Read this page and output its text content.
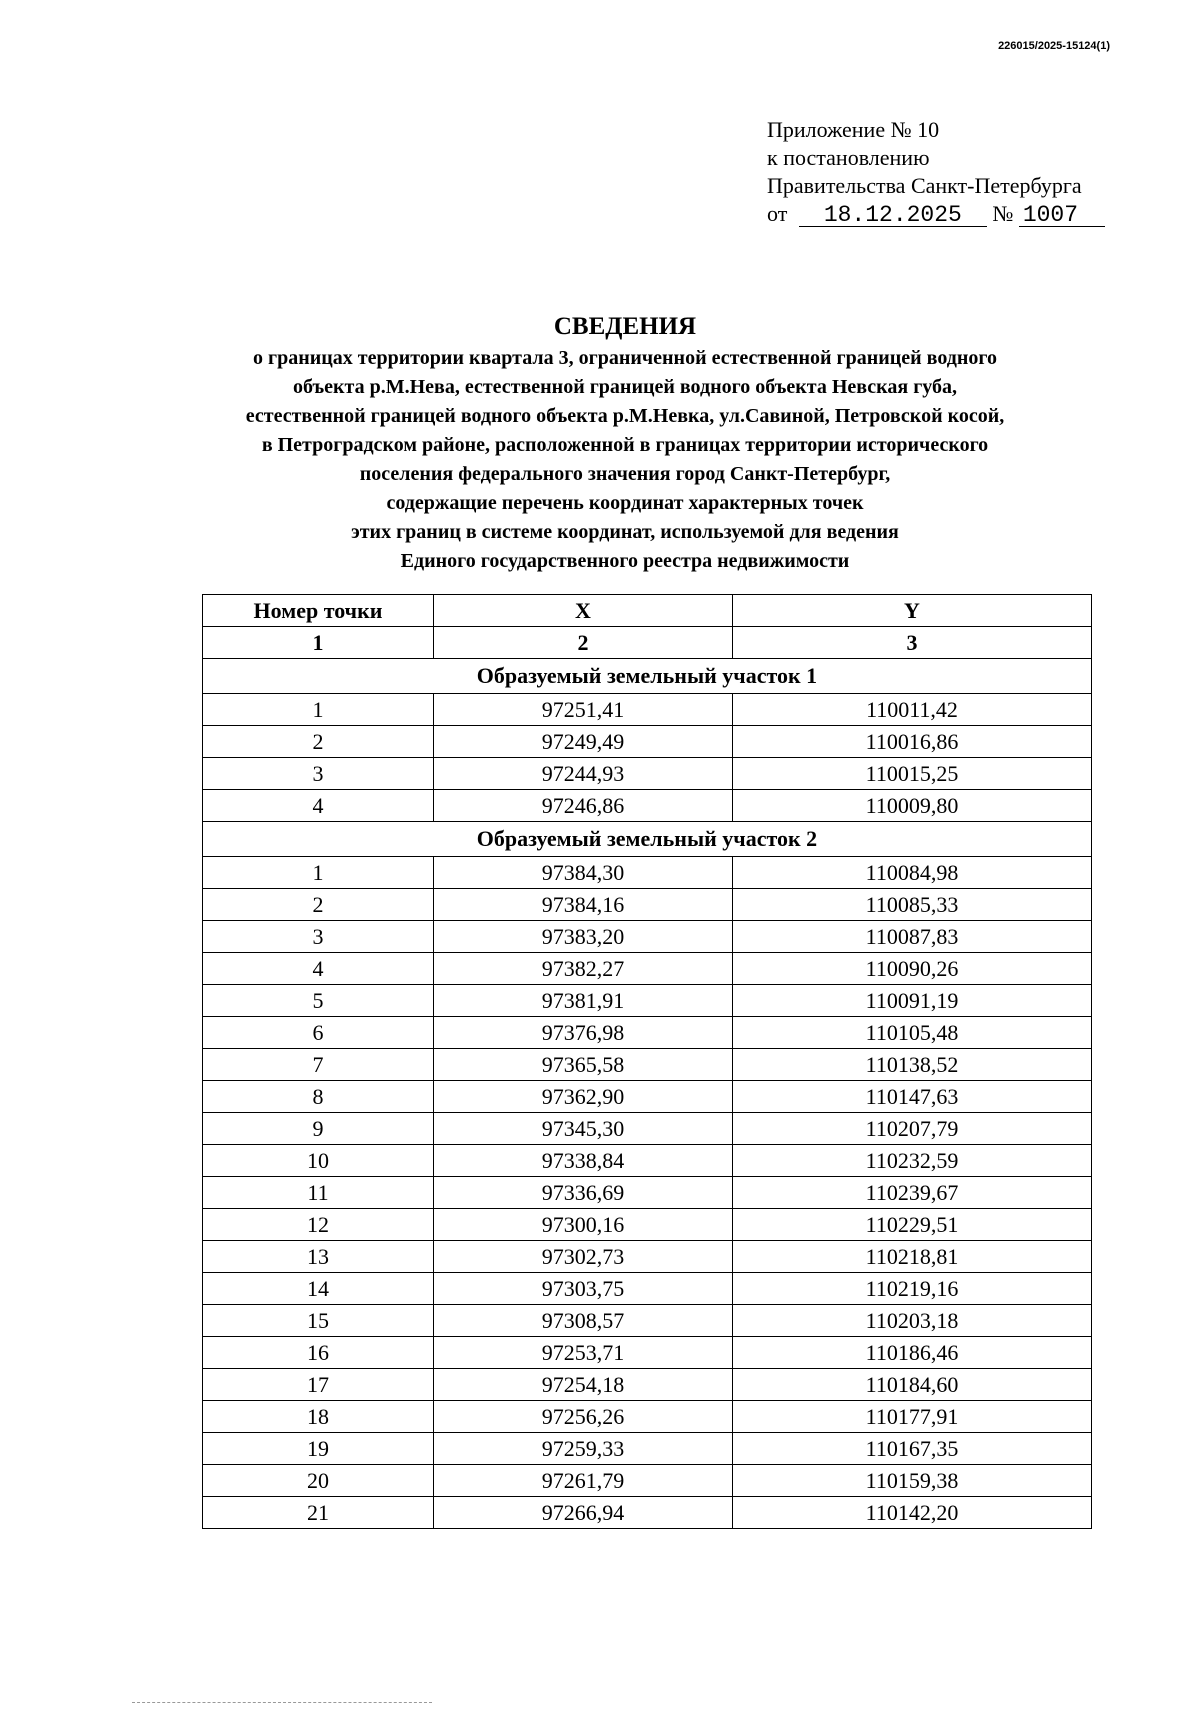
226015/2025-15124(1)
Приложение № 10
к постановлению
Правительства Санкт-Петербурга
от 18.12.2025 № 1007
СВЕДЕНИЯ
о границах территории квартала 3, ограниченной естественной границей водного
объекта р.М.Нева, естественной границей водного объекта Невская губа,
естественной границей водного объекта р.М.Невка, ул.Савиной, Петровской косой,
в Петроградском районе, расположенной в границах территории исторического
поселения федерального значения город Санкт-Петербург,
содержащие перечень координат характерных точек
этих границ в системе координат, используемой для ведения
Единого государственного реестра недвижимости
Номер точки	X	Y
1	2	3
Образуемый земельный участок 1		
1	97251,41	110011,42
2	97249,49	110016,86
3	97244,93	110015,25
4	97246,86	110009,80
Образуемый земельный участок 2		
1	97384,30	110084,98
2	97384,16	110085,33
3	97383,20	110087,83
4	97382,27	110090,26
5	97381,91	110091,19
6	97376,98	110105,48
7	97365,58	110138,52
8	97362,90	110147,63
9	97345,30	110207,79
10	97338,84	110232,59
11	97336,69	110239,67
12	97300,16	110229,51
13	97302,73	110218,81
14	97303,75	110219,16
15	97308,57	110203,18
16	97253,71	110186,46
17	97254,18	110184,60
18	97256,26	110177,91
19	97259,33	110167,35
20	97261,79	110159,38
21	97266,94	110142,20
